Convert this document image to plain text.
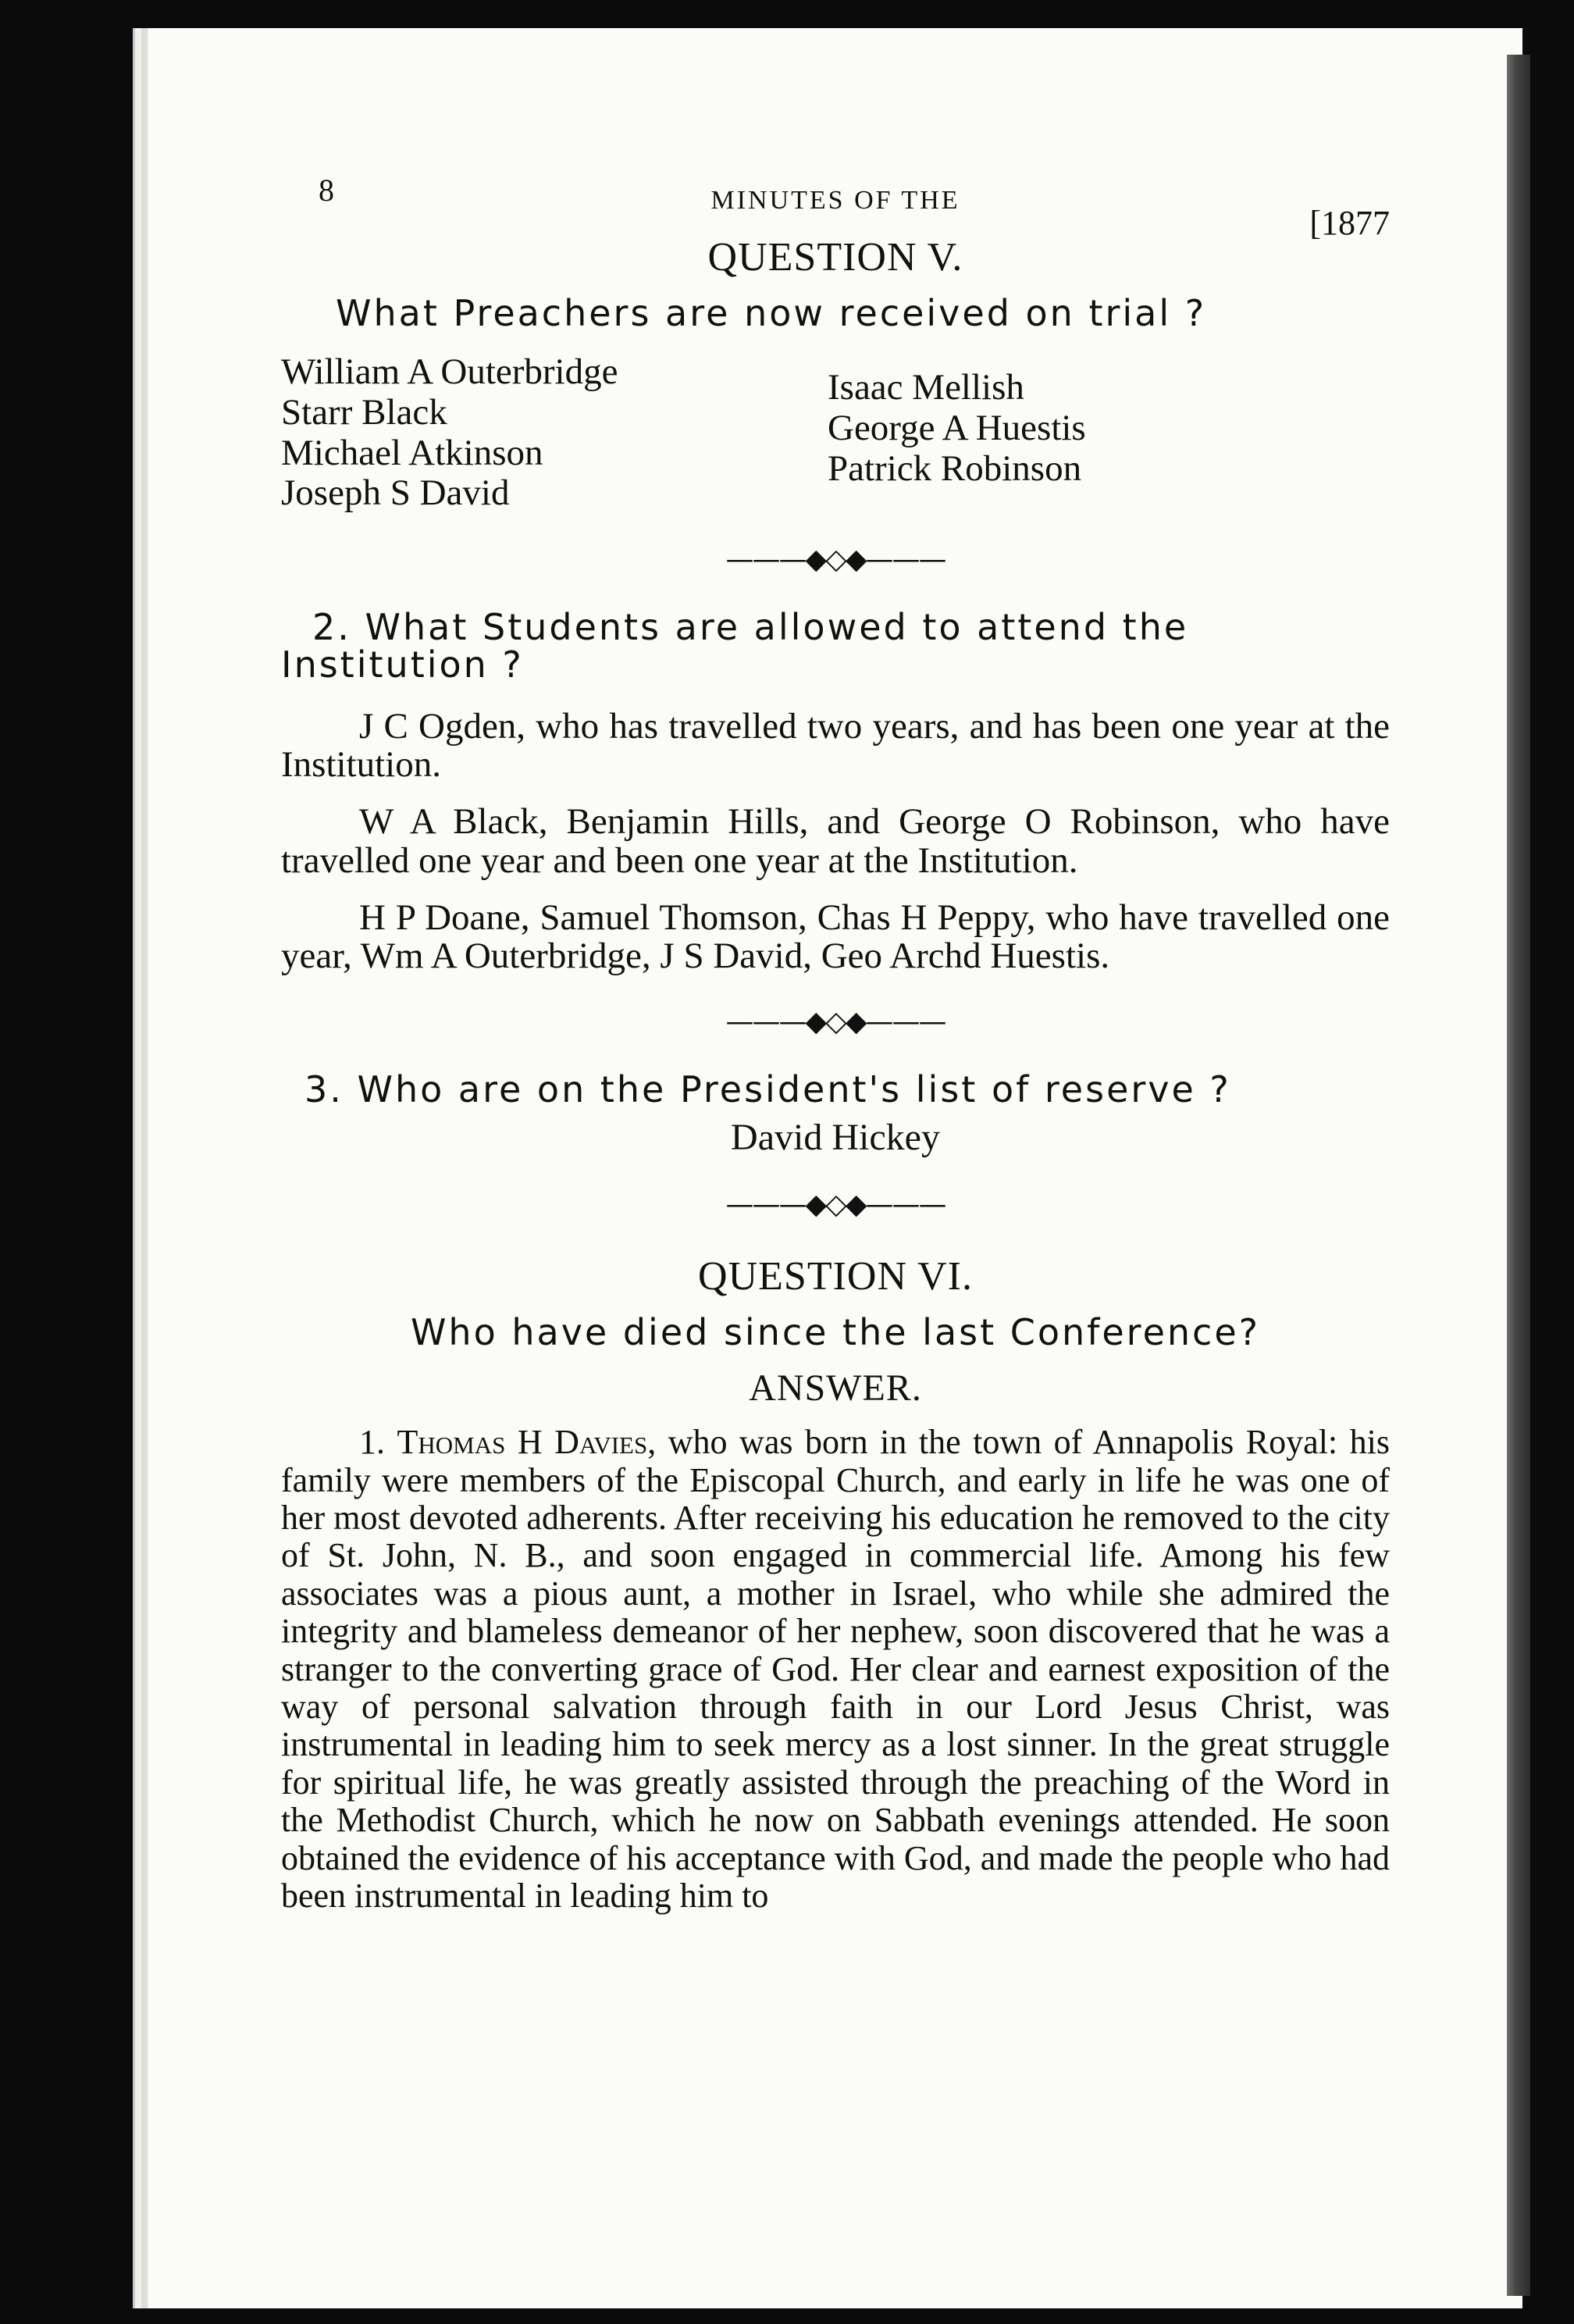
8	MINUTES OF THE
[1877
QUESTION V.
What Preachers are now received on trial ?
William A Outerbridge
Starr Black
Michael Atkinson
Joseph S David
Isaac Mellish
George A Huestis
Patrick Robinson
———◆◇◆———
2. What Students are allowed to attend the Institution ?

J C Ogden, who has travelled two years, and has been one year at the Institution.

W A Black, Benjamin Hills, and George O Robinson, who have travelled one year and been one year at the Institution.

H P Doane, Samuel Thomson, Chas H Peppy, who have travelled one year, Wm A Outerbridge, J S David, Geo Archd Huestis.

———◆◇◆———
3. Who are on the President's list of reserve ?
David Hickey
———◆◇◆———
QUESTION VI.
Who have died since the last Conference?
ANSWER.

1. Thomas H Davies, who was born in the town of Annapolis Royal: his family were members of the Episcopal Church, and early in life he was one of her most devoted adherents. After receiving his education he removed to the city of St. John, N. B., and soon engaged in commercial life. Among his few associates was a pious aunt, a mother in Israel, who while she admired the integrity and blameless demeanor of her nephew, soon discovered that he was a stranger to the converting grace of God. Her clear and earnest exposition of the way of personal salvation through faith in our Lord Jesus Christ, was instrumental in leading him to seek mercy as a lost sinner. In the great struggle for spiritual life, he was greatly assisted through the preaching of the Word in the Methodist Church, which he now on Sabbath evenings attended. He soon obtained the evidence of his acceptance with God, and made the people who had been instrumental in leading him to
